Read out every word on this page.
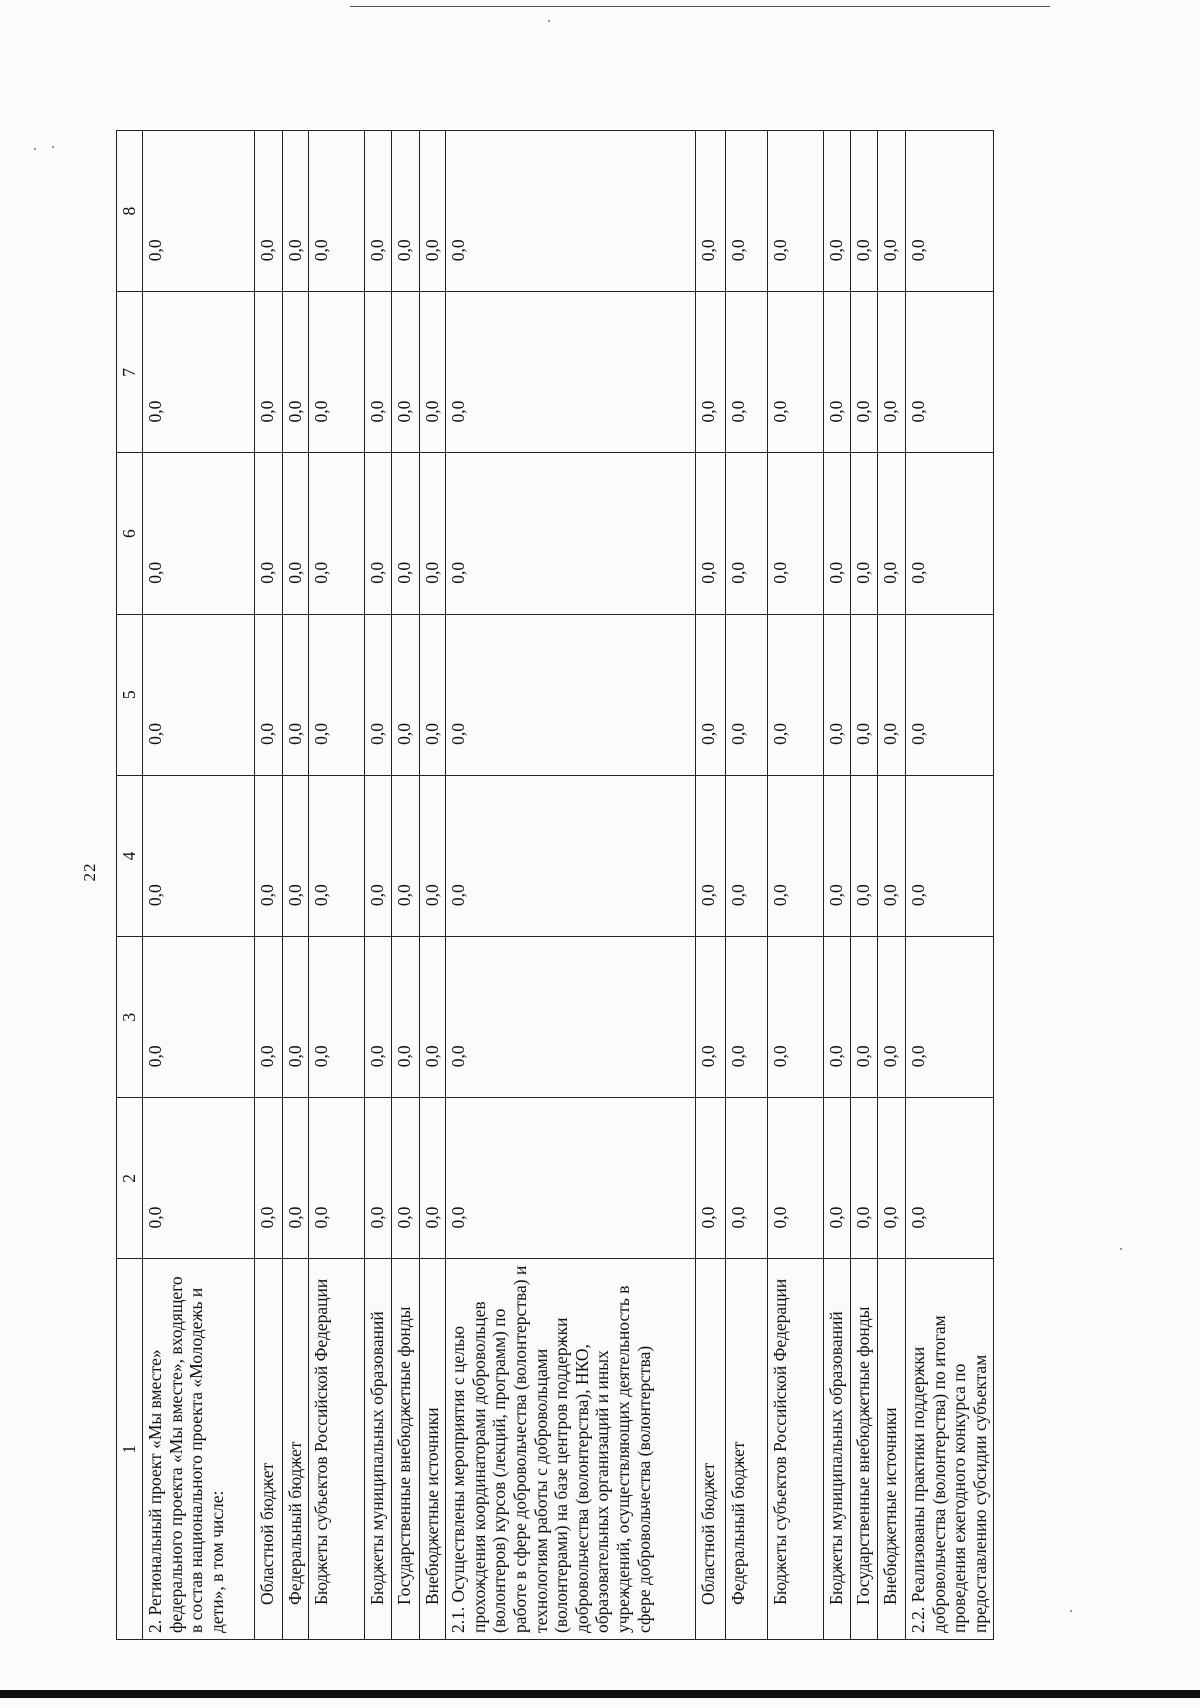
22
1	2	3	4	5	6	7	8
2. Региональный проект «Мы вместе» федерального проекта «Мы вместе», входящего в состав национального проекта «Молодежь и дети», в том числе:	0,0	0,0	0,0	0,0	0,0	0,0	0,0
Областной бюджет	0,0	0,0	0,0	0,0	0,0	0,0	0,0
Федеральный бюджет	0,0	0,0	0,0	0,0	0,0	0,0	0,0
Бюджеты субъектов Российской Федерации	0,0	0,0	0,0	0,0	0,0	0,0	0,0
Бюджеты муниципальных образований	0,0	0,0	0,0	0,0	0,0	0,0	0,0
Государственные внебюджетные фонды	0,0	0,0	0,0	0,0	0,0	0,0	0,0
Внебюджетные источники	0,0	0,0	0,0	0,0	0,0	0,0	0,0
2.1. Осуществлены мероприятия с целью прохождения координаторами добровольцев (волонтеров) курсов (лекций, программ) по работе в сфере добровольчества (волонтерства) и технологиям работы с добровольцами (волонтерами) на базе центров поддержки добровольчества (волонтерства), НКО, образовательных организаций и иных учреждений, осуществляющих деятельность в сфере добровольчества (волонтерства)	0,0	0,0	0,0	0,0	0,0	0,0	0,0
Областной бюджет	0,0	0,0	0,0	0,0	0,0	0,0	0,0
Федеральный бюджет	0,0	0,0	0,0	0,0	0,0	0,0	0,0
Бюджеты субъектов Российской Федерации	0,0	0,0	0,0	0,0	0,0	0,0	0,0
Бюджеты муниципальных образований	0,0	0,0	0,0	0,0	0,0	0,0	0,0
Государственные внебюджетные фонды	0,0	0,0	0,0	0,0	0,0	0,0	0,0
Внебюджетные источники	0,0	0,0	0,0	0,0	0,0	0,0	0,0
2.2. Реализованы практики поддержки добровольчества (волонтерства) по итогам проведения ежегодного конкурса по предоставлению субсидии субъектам	0,0	0,0	0,0	0,0	0,0	0,0	0,0
